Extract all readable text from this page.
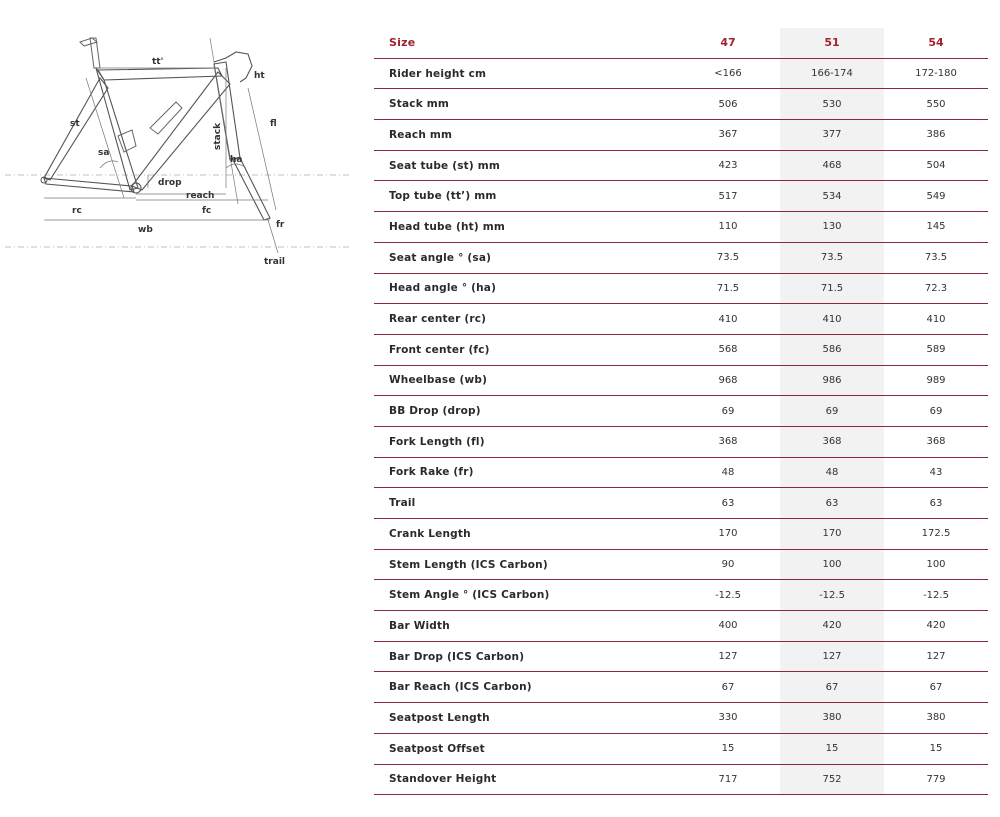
tt'
ht
st	fl
stack
sa
ha
drop
reach
rc	fc
wb	fr
trail
Size	47	51	54
Rider height cm	<166	166-174	172-180
Stack mm	506	530	550
Reach mm	367	377	386
Seat tube (st) mm	423	468	504
Top tube (tt’) mm	517	534	549
Head tube (ht) mm	110	130	145
Seat angle ° (sa)	73.5	73.5	73.5
Head angle ° (ha)	71.5	71.5	72.3
Rear center (rc)	410	410	410
Front center (fc)	568	586	589
Wheelbase (wb)	968	986	989
BB Drop (drop)	69	69	69
Fork Length (fl)	368	368	368
Fork Rake (fr)	48	48	43
Trail	63	63	63
Crank Length	170	170	172.5
Stem Length (ICS Carbon)	90	100	100
Stem Angle ° (ICS Carbon)	-12.5	-12.5	-12.5
Bar Width	400	420	420
Bar Drop (ICS Carbon)	127	127	127
Bar Reach (ICS Carbon)	67	67	67
Seatpost Length	330	380	380
Seatpost Offset	15	15	15
Standover Height	717	752	779
